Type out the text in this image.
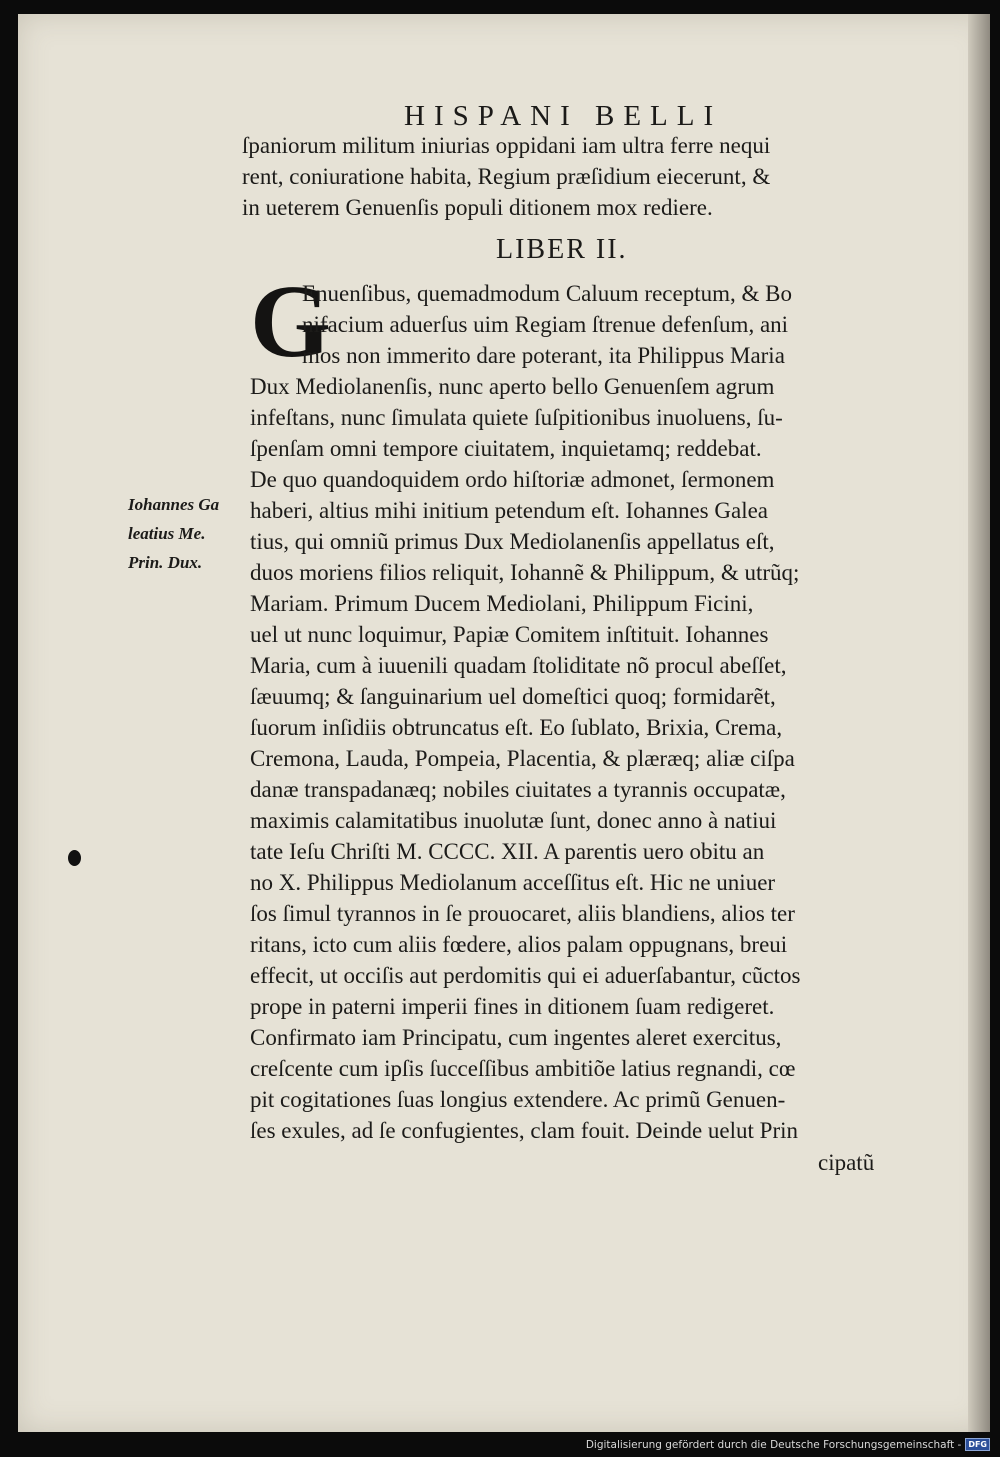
HISPANI BELLI
ſpaniorum militum iniurias oppidani iam ultra ferre nequi
rent, coniuratione habita, Regium præſidium eiecerunt, &
in ueterem Genuenſis populi ditionem mox rediere.
LIBER II.
G
Enuenſibus, quemadmodum Caluum receptum, & Bo
nifacium aduerſus uim Regiam ſtrenue defenſum, ani
mos non immerito dare poterant, ita Philippus Maria
Dux Mediolanenſis, nunc aperto bello Genuenſem agrum
infeſtans, nunc ſimulata quiete ſuſpitionibus inuoluens, ſu-
ſpenſam omni tempore ciuitatem, inquietamq; reddebat.
De quo quandoquidem ordo hiſtoriæ admonet, ſermonem
haberi, altius mihi initium petendum eſt. Iohannes Galea
tius, qui omniũ primus Dux Mediolanenſis appellatus eſt,
duos moriens filios reliquit, Iohannẽ & Philippum, & utrũq;
Mariam. Primum Ducem Mediolani, Philippum Ficini,
uel ut nunc loquimur, Papiæ Comitem inſtituit. Iohannes
Maria, cum à iuuenili quadam ſtoliditate nõ procul abeſſet,
ſæuumq; & ſanguinarium uel domeſtici quoq; formidarẽt,
ſuorum inſidiis obtruncatus eſt. Eo ſublato, Brixia, Crema,
Cremona, Lauda, Pompeia, Placentia, & plæræq; aliæ ciſpa
danæ transpadanæq; nobiles ciuitates a tyrannis occupatæ,
maximis calamitatibus inuolutæ ſunt, donec anno à natiui
tate Ieſu Chriſti M. CCCC. XII. A parentis uero obitu an
no X. Philippus Mediolanum acceſſitus eſt. Hic ne uniuer
ſos ſimul tyrannos in ſe prouocaret, aliis blandiens, alios ter
ritans, icto cum aliis fœdere, alios palam oppugnans, breui
effecit, ut occiſis aut perdomitis qui ei aduerſabantur, cũctos
prope in paterni imperii fines in ditionem ſuam redigeret.
Confirmato iam Principatu, cum ingentes aleret exercitus,
creſcente cum ipſis ſucceſſibus ambitiõe latius regnandi, cœ
pit cogitationes ſuas longius extendere. Ac primũ Genuen-
ſes exules, ad ſe confugientes, clam fouit. Deinde uelut Prin

cipatũ

Iohannes Ga
leatius Me.
Prin. Dux.
Digitalisierung gefördert durch die Deutsche Forschungsgemeinschaft - DFG
